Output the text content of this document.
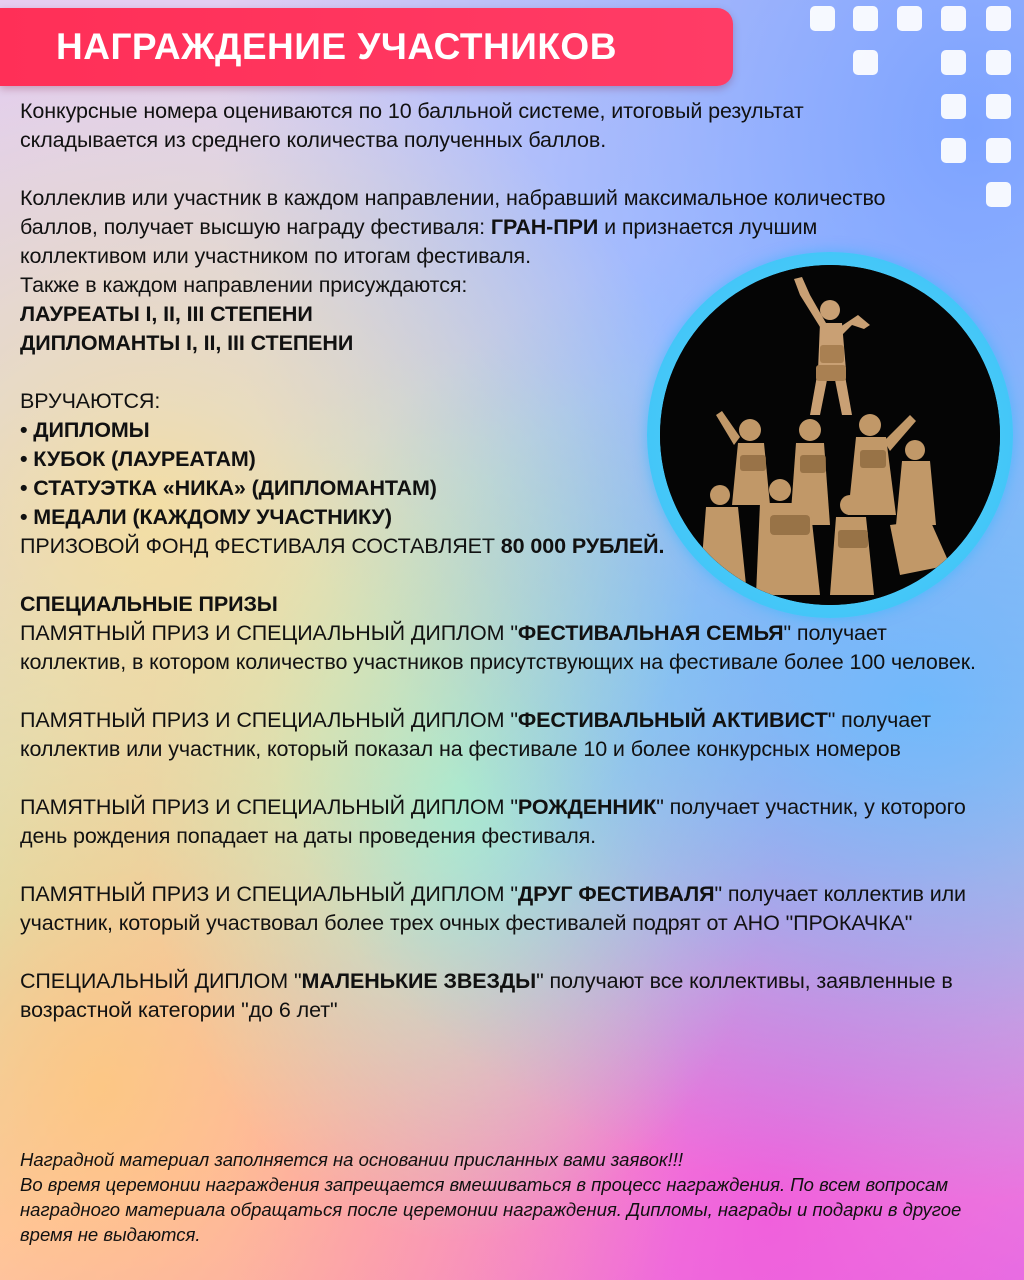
НАГРАЖДЕНИЕ УЧАСТНИКОВ

Конкурсные номера оцениваются по 10 балльной системе, итоговый результат складывается из среднего количества полученных баллов.

Коллеклив или участник в каждом направлении, набравший максимальное количество баллов, получает высшую награду фестиваля: ГРАН-ПРИ и признается лучшим коллективом или участником по итогам фестиваля.

Также в каждом направлении присуждаются:

ЛАУРЕАТЫ I, II, III СТЕПЕНИ

ДИПЛОМАНТЫ I, II, III СТЕПЕНИ

ВРУЧАЮТСЯ:

• ДИПЛОМЫ

• КУБОК (ЛАУРЕАТАМ)

• СТАТУЭТКА «НИКА» (ДИПЛОМАНТАМ)

• МЕДАЛИ (КАЖДОМУ УЧАСТНИКУ)

ПРИЗОВОЙ ФОНД ФЕСТИВАЛЯ СОСТАВЛЯЕТ 80 000 РУБЛЕЙ.

СПЕЦИАЛЬНЫЕ ПРИЗЫ

ПАМЯТНЫЙ ПРИЗ И СПЕЦИАЛЬНЫЙ ДИПЛОМ "ФЕСТИВАЛЬНАЯ СЕМЬЯ" получает коллектив, в котором количество участников присутствующих на фестивале более 100 человек.

ПАМЯТНЫЙ ПРИЗ И СПЕЦИАЛЬНЫЙ ДИПЛОМ "ФЕСТИВАЛЬНЫЙ АКТИВИСТ" получает коллектив или участник, который показал на фестивале 10 и более конкурсных номеров

ПАМЯТНЫЙ ПРИЗ И СПЕЦИАЛЬНЫЙ ДИПЛОМ "РОЖДЕННИК" получает участник, у которого день рождения попадает на даты проведения фестиваля.

ПАМЯТНЫЙ ПРИЗ И СПЕЦИАЛЬНЫЙ ДИПЛОМ "ДРУГ ФЕСТИВАЛЯ" получает коллектив или участник, который участвовал более трех очных фестивалей подрят от АНО "ПРОКАЧКА"

СПЕЦИАЛЬНЫЙ ДИПЛОМ "МАЛЕНЬКИЕ ЗВЕЗДЫ" получают все коллективы, заявленные в возрастной категории "до 6 лет"

Наградной материал заполняется на основании присланных вами заявок!!!

Во время церемонии награждения запрещается вмешиваться в процесс награждения. По всем вопросам наградного материала обращаться после церемонии награждения. Дипломы, награды и подарки в другое время не выдаются.
